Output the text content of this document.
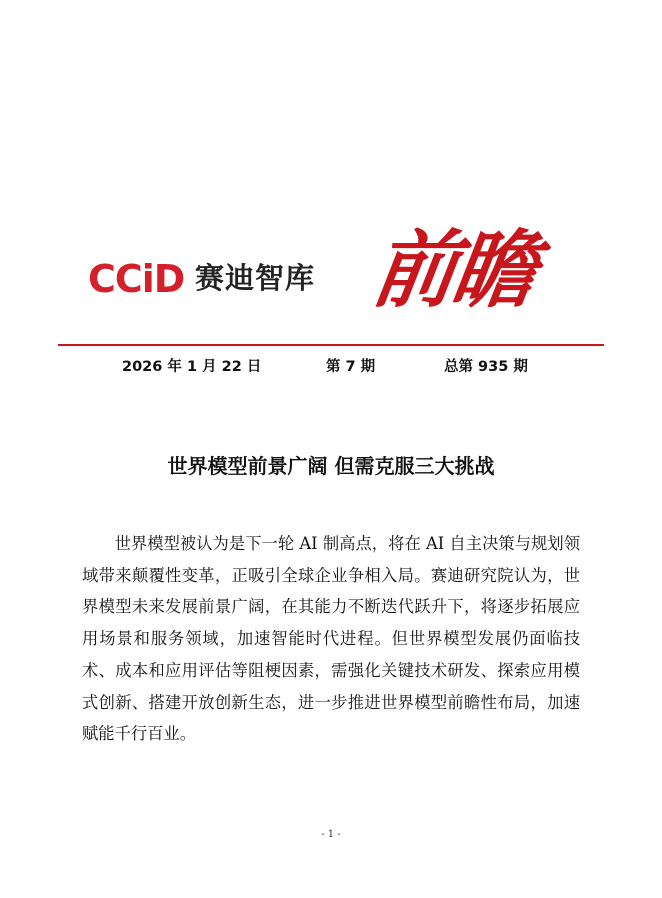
CCiD 赛迪智库 前瞻
2026 年 1 月 22 日	第 7 期	总第 935 期
世界模型前景广阔 但需克服三大挑战

世界模型被认为是下一轮 AI 制高点，将在 AI 自主决策与规划领域带来颠覆性变革，正吸引全球企业争相入局。赛迪研究院认为，世界模型未来发展前景广阔，在其能力不断迭代跃升下，将逐步拓展应用场景和服务领域，加速智能时代进程。但世界模型发展仍面临技术、成本和应用评估等阻梗因素，需强化关键技术研发、探索应用模式创新、搭建开放创新生态，进一步推进世界模型前瞻性布局，加速赋能千行百业。

- 1 -
